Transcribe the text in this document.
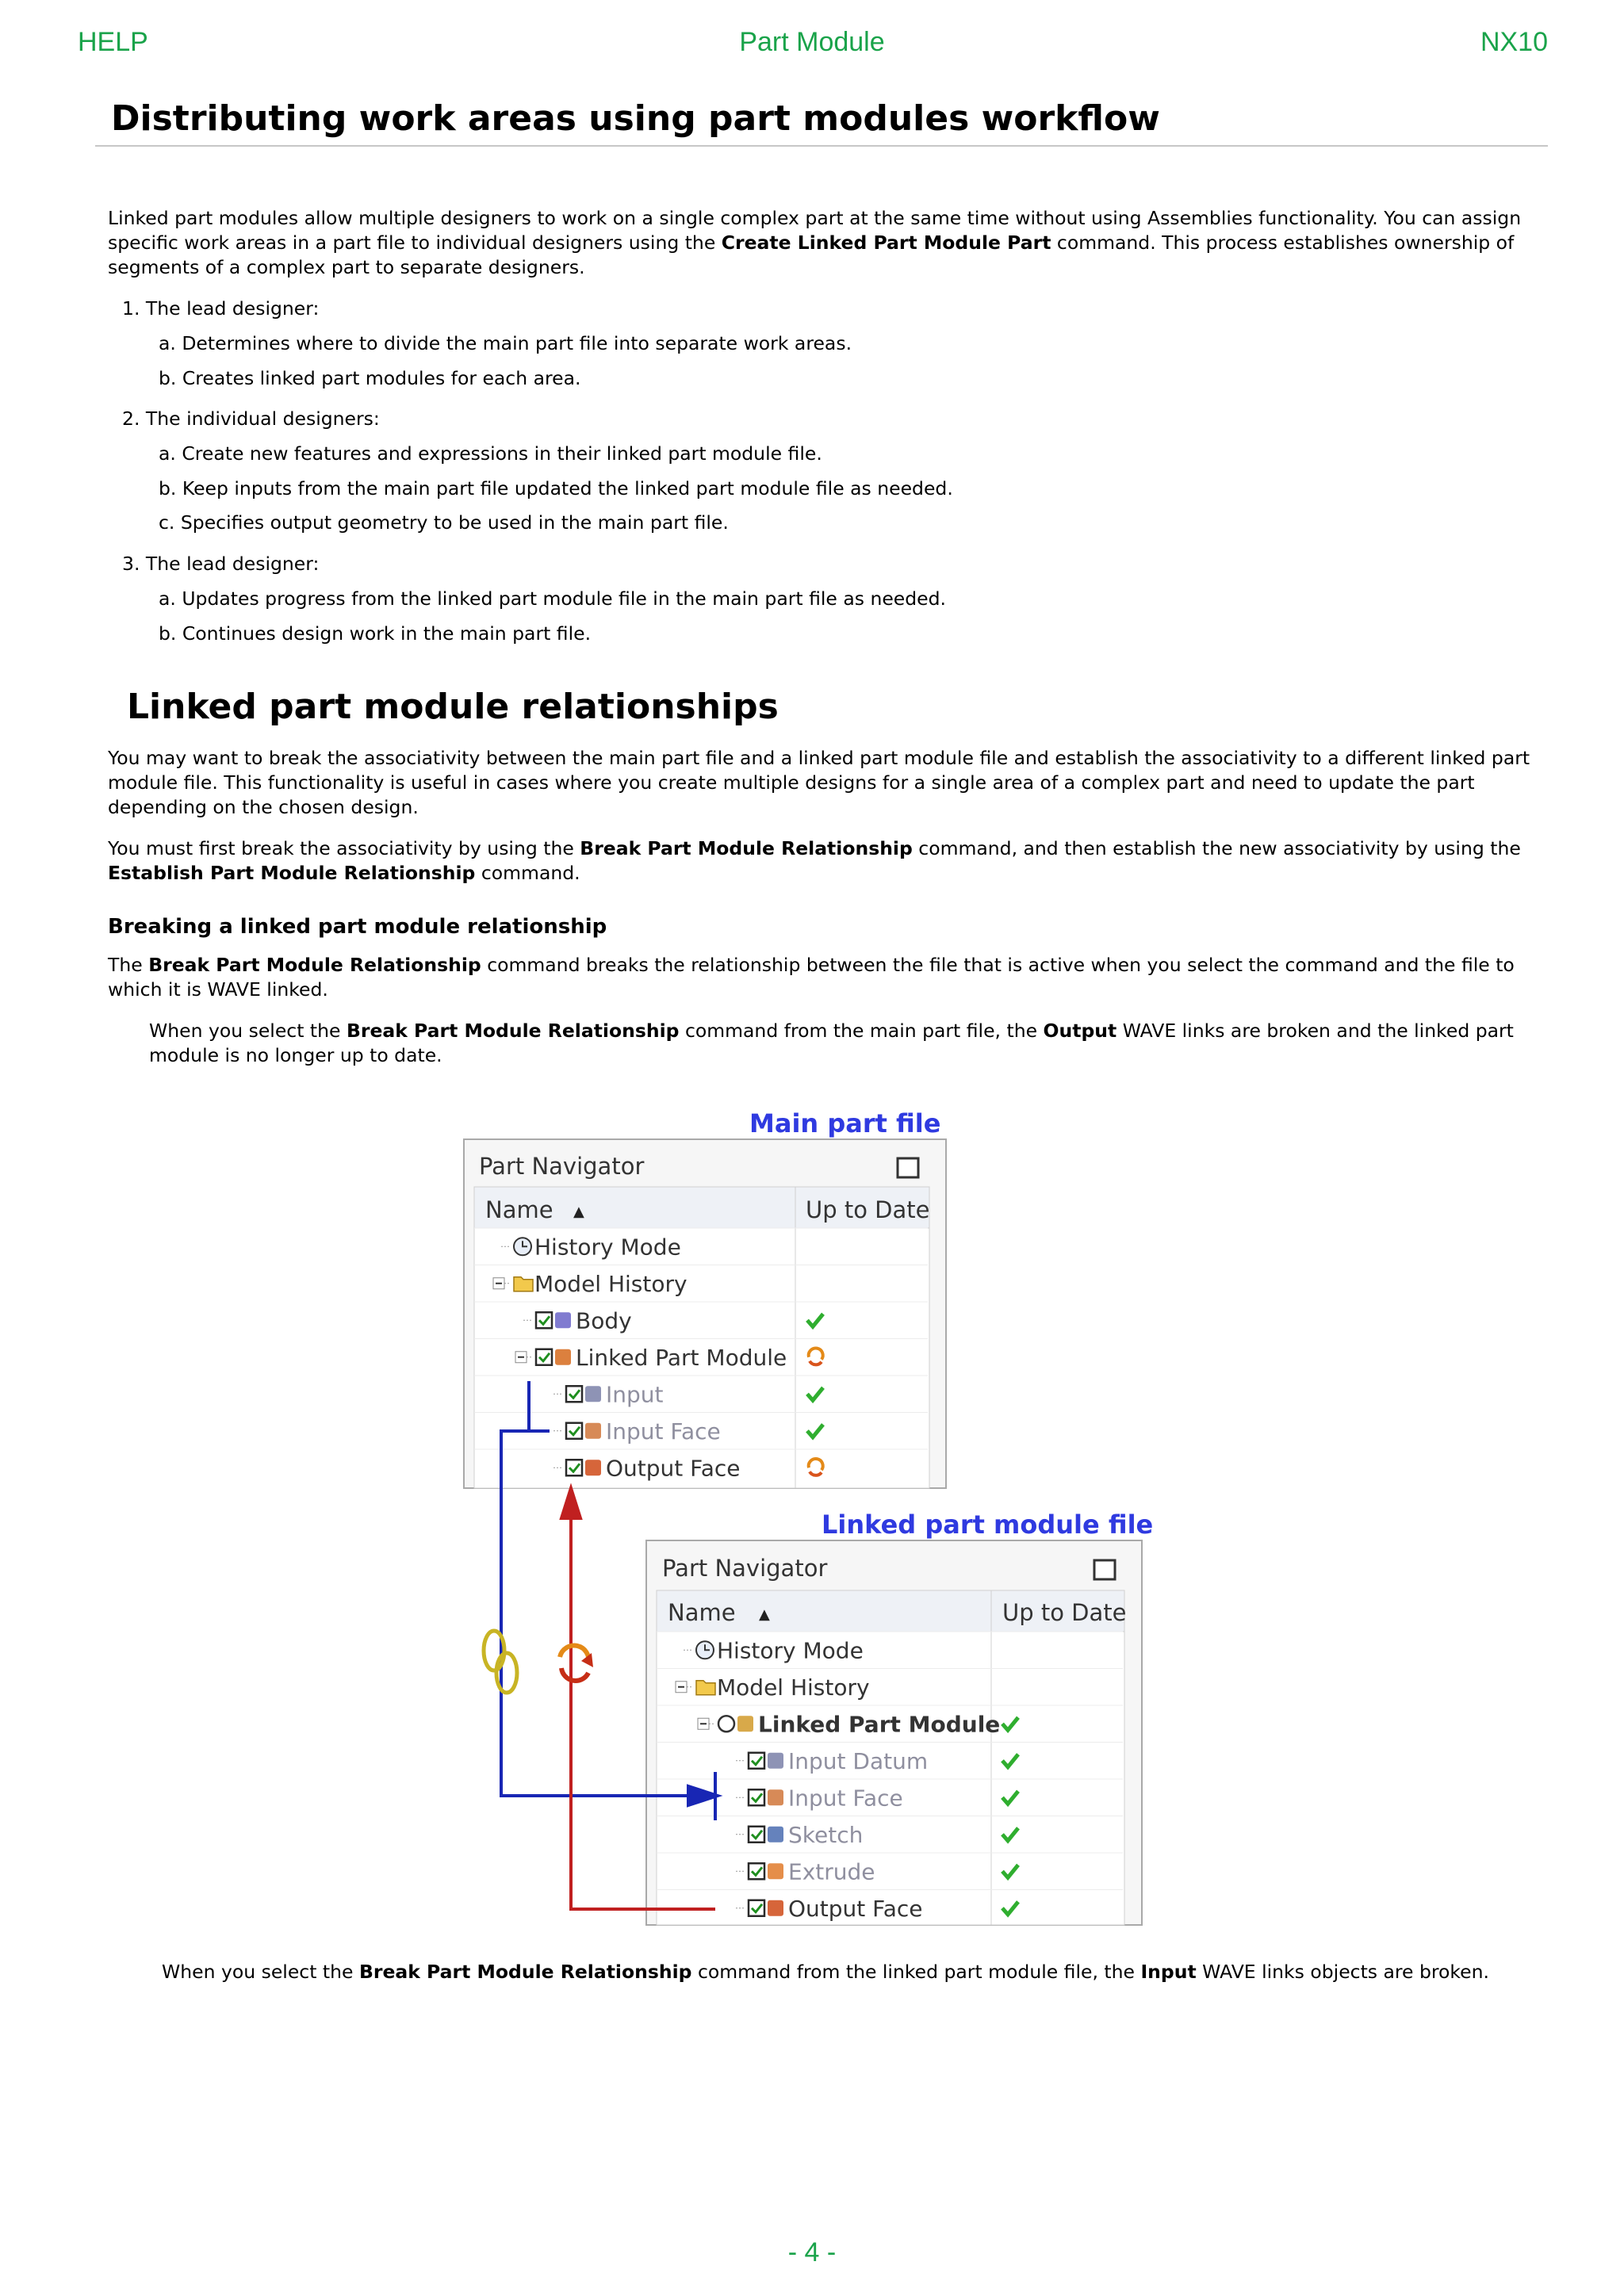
HELP	Part Module	NX10
Distributing work areas using part modules workflow
Linked part modules allow multiple designers to work on a single complex part at the same time without using Assemblies functionality. You can assign specific work areas in a part file to individual designers using the Create Linked Part Module Part command. This process establishes ownership of segments of a complex part to separate designers.
1. The lead designer:
a. Determines where to divide the main part file into separate work areas.
b. Creates linked part modules for each area.
2. The individual designers:
a. Create new features and expressions in their linked part module file.
b. Keep inputs from the main part file updated the linked part module file as needed.
c. Specifies output geometry to be used in the main part file.
3. The lead designer:
a. Updates progress from the linked part module file in the main part file as needed.
b. Continues design work in the main part file.
Linked part module relationships
You may want to break the associativity between the main part file and a linked part module file and establish the associativity to a different linked part module file. This functionality is useful in cases where you create multiple designs for a single area of a complex part and need to update the part depending on the chosen design.
You must first break the associativity by using the Break Part Module Relationship command, and then establish the new associativity by using the Establish Part Module Relationship command.
Breaking a linked part module relationship
The Break Part Module Relationship command breaks the relationship between the file that is active when you select the command and the file to which it is WAVE linked.
When you select the Break Part Module Relationship command from the main part file, the Output WAVE links are broken and the linked part module is no longer up to date.
Main part file
Part Navigator
Name ▲	Up to Date
History Mode
Model History
Body
Linked Part Module
Input
Input Face
Output Face
Linked part module file
Part Navigator
Name ▲	Up to Date
History Mode
Model History
Linked Part Module
Input Datum
Input Face
Sketch
Extrude
Output Face
When you select the Break Part Module Relationship command from the linked part module file, the Input WAVE links objects are broken.
- 4 -
